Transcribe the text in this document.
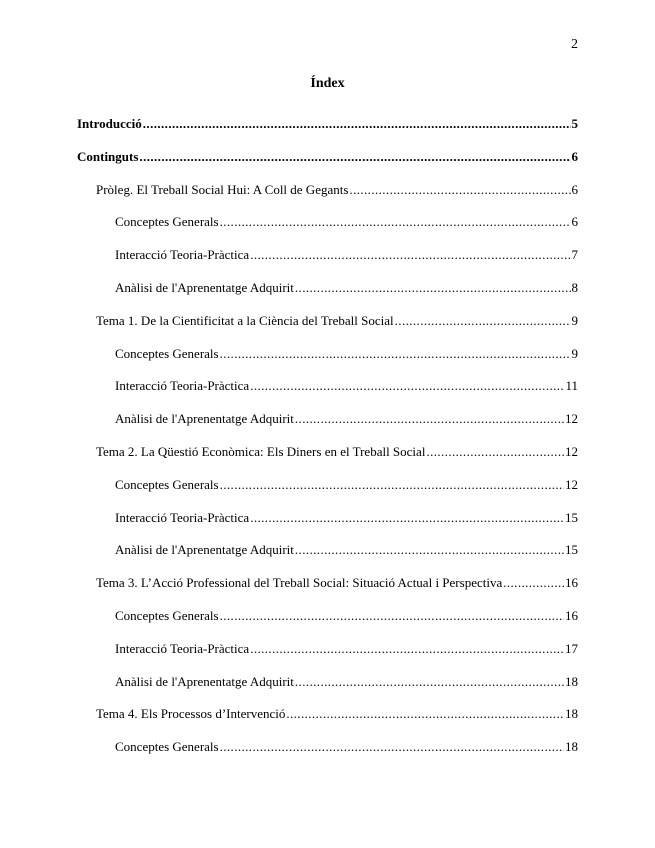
2
Índex
Introducció .....	5
Continguts .....	6
Pròleg. El Treball Social Hui: A Coll de Gegants .....	6
Conceptes Generals .....	6
Interacció Teoria-Pràctica .....	7
Anàlisi de l'Aprenentatge Adquirit .....	8
Tema 1. De la Cientificitat a la Ciència del Treball Social .....	9
Conceptes Generals .....	9
Interacció Teoria-Pràctica .....	11
Anàlisi de l'Aprenentatge Adquirit .....	12
Tema 2. La Qüestió Econòmica: Els Diners en el Treball Social .....	12
Conceptes Generals .....	12
Interacció Teoria-Pràctica .....	15
Anàlisi de l'Aprenentatge Adquirit .....	15
Tema 3. L’Acció Professional del Treball Social: Situació Actual i Perspectiva .....	16
Conceptes Generals .....	16
Interacció Teoria-Pràctica .....	17
Anàlisi de l'Aprenentatge Adquirit .....	18
Tema 4. Els Processos d’Intervenció .....	18
Conceptes Generals .....	18
